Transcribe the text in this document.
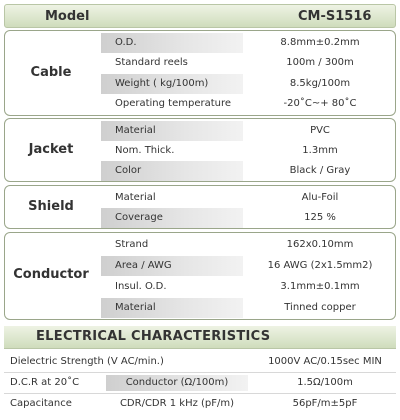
Model	CM-S1516
Cable
O.D.	8.8mm±0.2mm
Standard reels	100m / 300m
Weight ( kg/100m)	8.5kg/100m
Operating temperature	-20˚C~+ 80˚C
Jacket
Material	PVC
Nom. Thick.	1.3mm
Color	Black / Gray
Shield
Material	Alu-Foil
Coverage	125 %
Conductor
Strand	162x0.10mm
Area / AWG	16 AWG (2x1.5mm2)
Insul. O.D.	3.1mm±0.1mm
Material	Tinned copper
ELECTRICAL CHARACTERISTICS
Dielectric Strength (V AC/min.)	1000V AC/0.15sec MIN
D.C.R at 20˚C	Conductor (Ω/100m)	1.5Ω/100m
Capacitance	CDR/CDR 1 kHz (pF/m)	56pF/m±5pF
